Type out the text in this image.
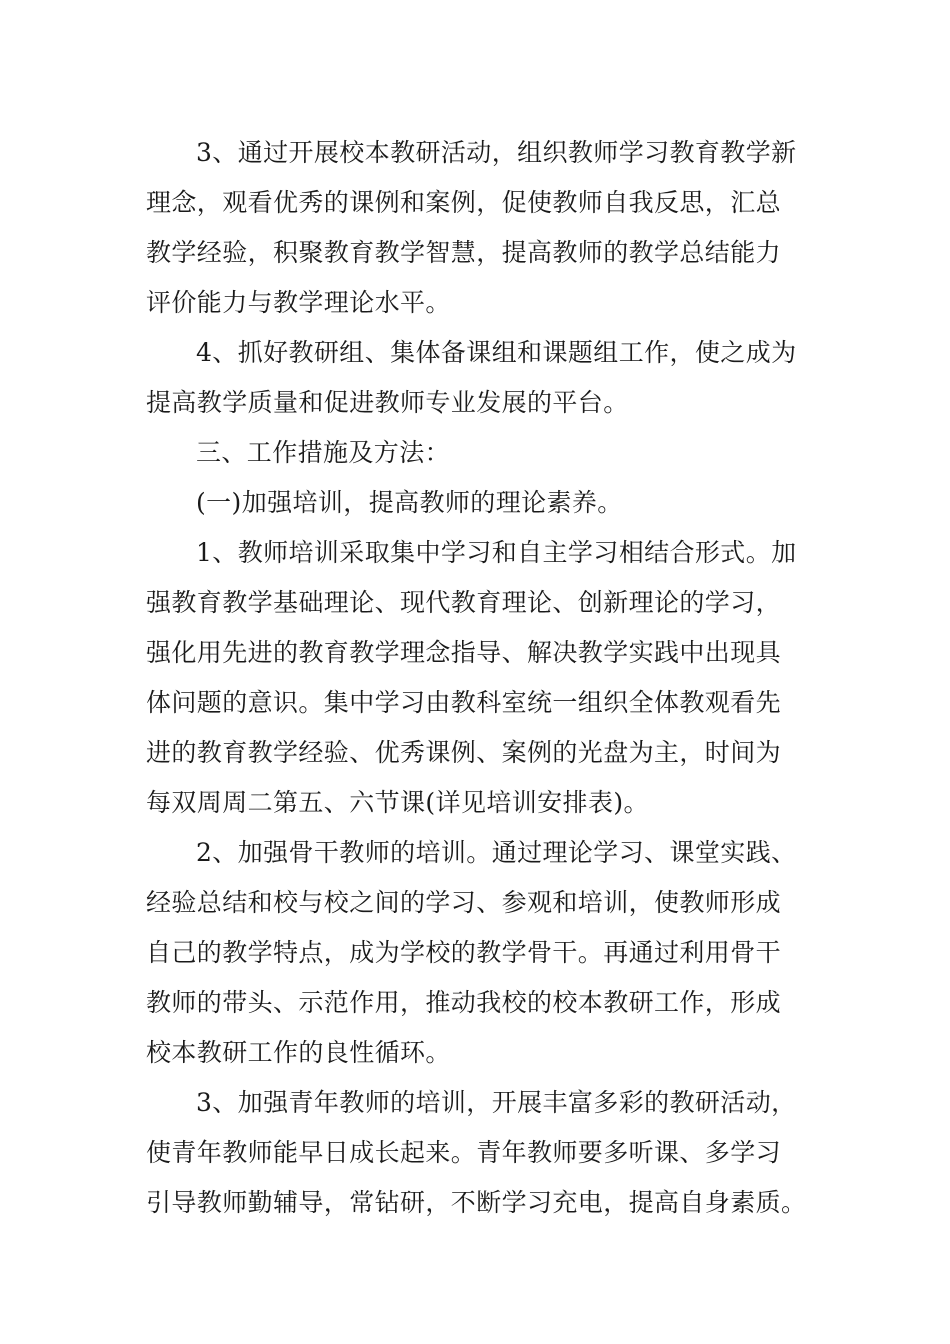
3、通过开展校本教研活动，组织教师学习教育教学新
理念，观看优秀的课例和案例，促使教师自我反思，汇总
教学经验，积聚教育教学智慧，提高教师的教学总结能力
评价能力与教学理论水平。
4、抓好教研组、集体备课组和课题组工作，使之成为
提高教学质量和促进教师专业发展的平台。
三、工作措施及方法：
(一)加强培训，提高教师的理论素养。
1、教师培训采取集中学习和自主学习相结合形式。加
强教育教学基础理论、现代教育理论、创新理论的学习，
强化用先进的教育教学理念指导、解决教学实践中出现具
体问题的意识。集中学习由教科室统一组织全体教观看先
进的教育教学经验、优秀课例、案例的光盘为主，时间为
每双周周二第五、六节课(详见培训安排表)。
2、加强骨干教师的培训。通过理论学习、课堂实践、
经验总结和校与校之间的学习、参观和培训，使教师形成
自己的教学特点，成为学校的教学骨干。再通过利用骨干
教师的带头、示范作用，推动我校的校本教研工作，形成
校本教研工作的良性循环。
3、加强青年教师的培训，开展丰富多彩的教研活动，
使青年教师能早日成长起来。青年教师要多听课、多学习
引导教师勤辅导，常钻研，不断学习充电，提高自身素质。
